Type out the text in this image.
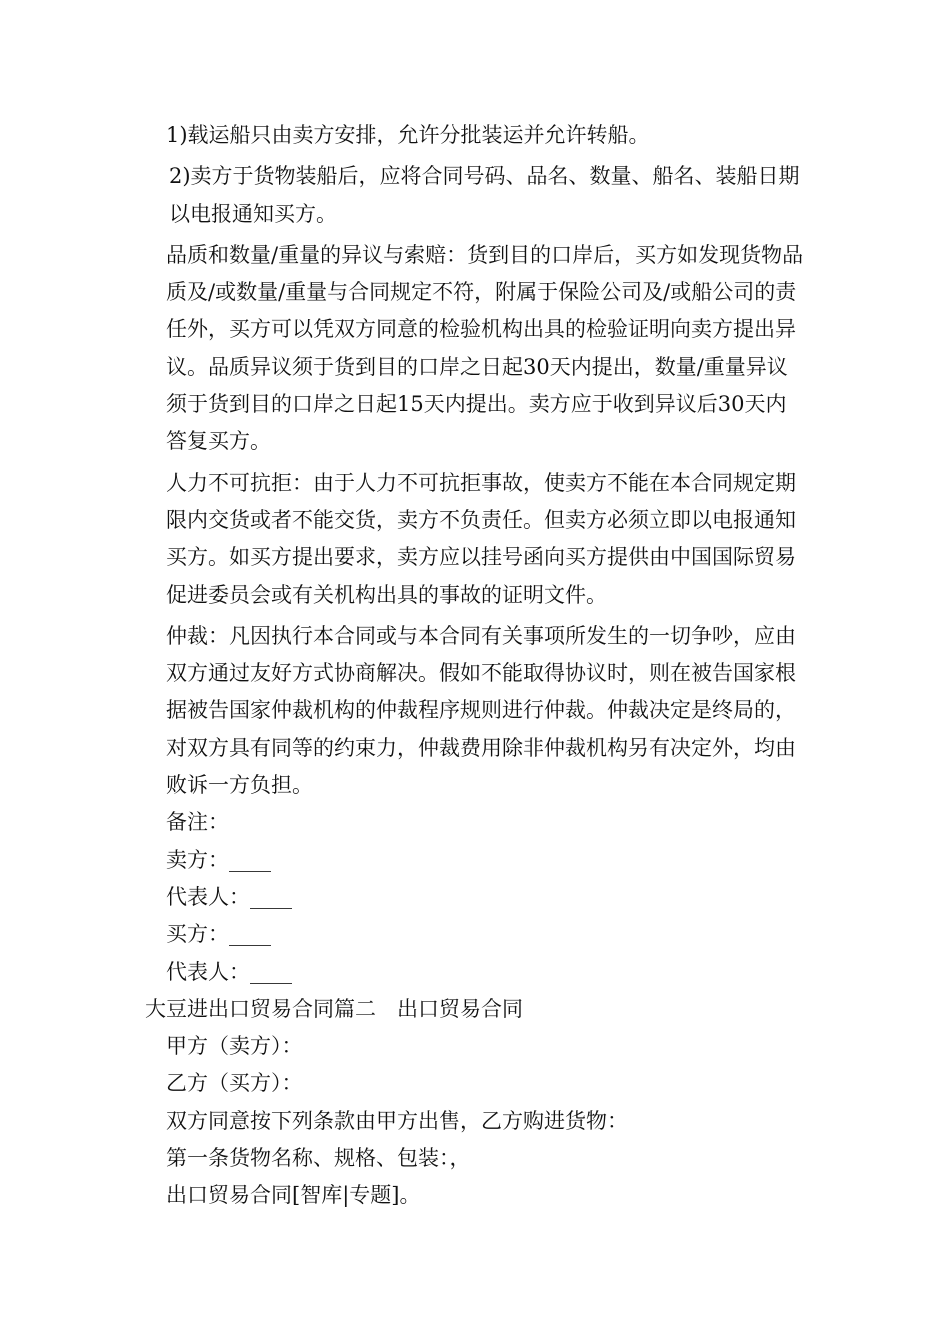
1)载运船只由卖方安排，允许分批装运并允许转船。

2)卖方于货物装船后，应将合同号码、品名、数量、船名、装船日期以电报通知买方。

品质和数量/重量的异议与索赔：货到目的口岸后，买方如发现货物品质及/或数量/重量与合同规定不符，附属于保险公司及/或船公司的责任外，买方可以凭双方同意的检验机构出具的检验证明向卖方提出异议。品质异议须于货到目的口岸之日起30天内提出，数量/重量异议须于货到目的口岸之日起15天内提出。卖方应于收到异议后30天内答复买方。

人力不可抗拒：由于人力不可抗拒事故，使卖方不能在本合同规定期限内交货或者不能交货，卖方不负责任。但卖方必须立即以电报通知买方。如买方提出要求，卖方应以挂号函向买方提供由中国国际贸易促进委员会或有关机构出具的事故的证明文件。

仲裁：凡因执行本合同或与本合同有关事项所发生的一切争吵，应由双方通过友好方式协商解决。假如不能取得协议时，则在被告国家根据被告国家仲裁机构的仲裁程序规则进行仲裁。仲裁决定是终局的，对双方具有同等的约束力，仲裁费用除非仲裁机构另有决定外，均由败诉一方负担。

备注：

卖方：____

代表人：____

买方：____

代表人：____

大豆进出口贸易合同篇二　出口贸易合同

甲方（卖方）：

乙方（买方）：

双方同意按下列条款由甲方出售，乙方购进货物：

第一条货物名称、规格、包装：，

出口贸易合同[智库|专题]。
